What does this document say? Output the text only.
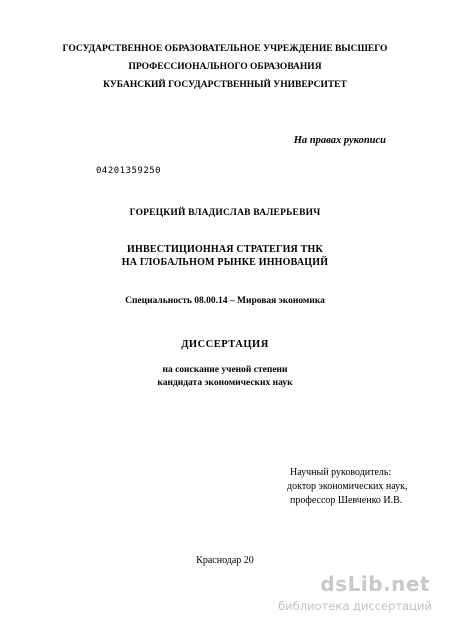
ГОСУДАРСТВЕННОЕ ОБРАЗОВАТЕЛЬНОЕ УЧРЕЖДЕНИЕ ВЫСШЕГО
ПРОФЕССИОНАЛЬНОГО ОБРАЗОВАНИЯ
КУБАНСКИЙ ГОСУДАРСТВЕННЫЙ УНИВЕРСИТЕТ
На правах рукописи
04201359250
ГОРЕЦКИЙ ВЛАДИСЛАВ ВАЛЕРЬЕВИЧ
ИНВЕСТИЦИОННАЯ СТРАТЕГИЯ ТНК
НА ГЛОБАЛЬНОМ РЫНКЕ ИННОВАЦИЙ
Специальность 08.00.14 – Мировая экономика
ДИССЕРТАЦИЯ
на соискание ученой степени
кандидата экономических наук
Научный руководитель:
доктор экономических наук,
профессор Шевченко И.В.
Краснодар 20
dsLib.net
библиотека диссертаций
